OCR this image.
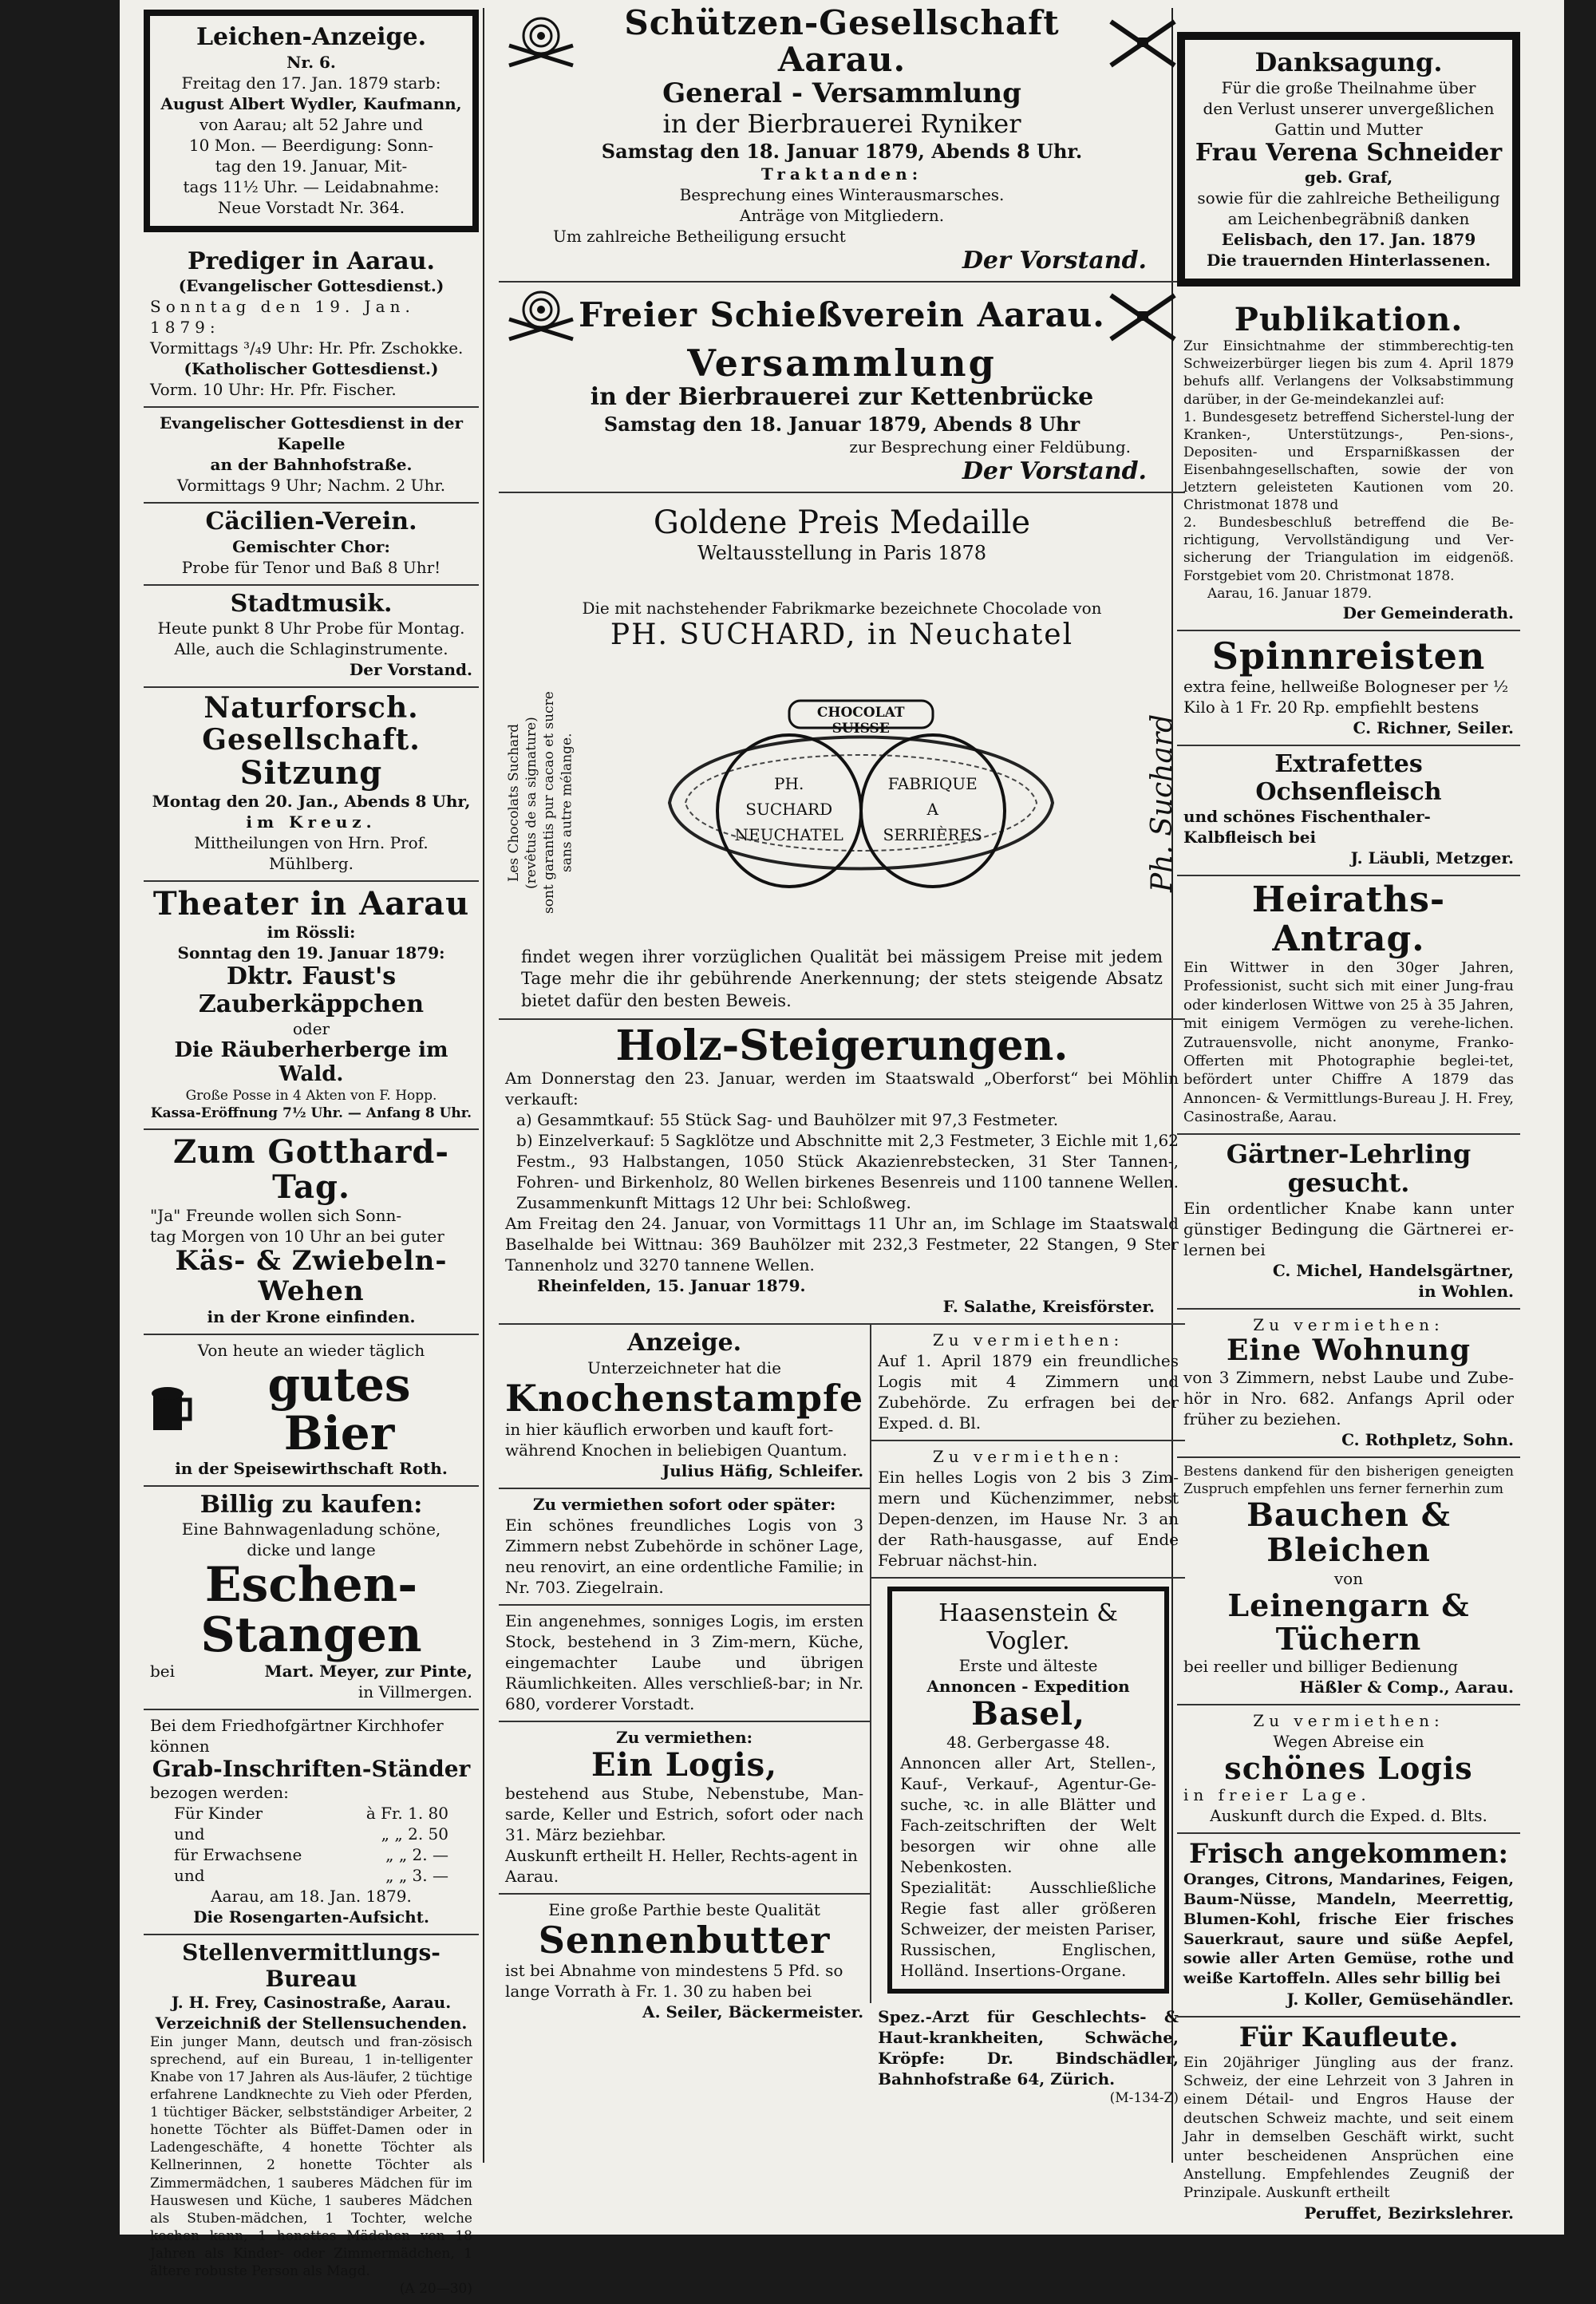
Leichen-Anzeige.
Nr. 6.
Freitag den 17. Jan. 1879 starb:
August Albert Wydler, Kaufmann,
von Aarau; alt 52 Jahre und
10 Mon. — Beerdigung: Sonn-
tag den 19. Januar, Mit-
tags 11½ Uhr. — Leidabnahme:
Neue Vorstadt Nr. 364.
Prediger in Aarau.
(Evangelischer Gottesdienst.)
Sonntag den 19. Jan. 1879:
Vormittags ³/₄9 Uhr: Hr. Pfr. Zschokke.
(Katholischer Gottesdienst.)
Vorm. 10 Uhr: Hr. Pfr. Fischer.
Evangelischer Gottesdienst in der Kapelle
an der Bahnhofstraße.
Vormittags 9 Uhr; Nachm. 2 Uhr.
Cäcilien-Verein.
Gemischter Chor:
Probe für Tenor und Baß 8 Uhr!
Stadtmusik.
Heute punkt 8 Uhr Probe für Montag.
Alle, auch die Schlaginstrumente.
Der Vorstand.
Naturforsch. Gesellschaft.
Sitzung
Montag den 20. Jan., Abends 8 Uhr,
im Kreuz.
Mittheilungen von Hrn. Prof. Mühlberg.
Theater in Aarau
im Rössli:
Sonntag den 19. Januar 1879:
Dktr. Faust's Zauberkäppchen
oder
Die Räuberherberge im Wald.
Große Posse in 4 Akten von F. Hopp.
Kassa-Eröffnung 7½ Uhr. — Anfang 8 Uhr.
Zum Gotthard-Tag.
"Ja" Freunde wollen sich Sonn-
tag Morgen von 10 Uhr an bei guter
Käs- & Zwiebeln-Wehen
in der Krone einfinden.
Von heute an wieder täglich
gutes Bier
in der Speisewirthschaft Roth.
Billig zu kaufen:
Eine Bahnwagenladung schöne,
dicke und lange
Eschen-Stangen
bei	Mart. Meyer, zur Pinte,
in Villmergen.
Bei dem Friedhofgärtner Kirchhofer
können
Grab-Inschriften-Ständer
bezogen werden:
Für Kinder	à Fr. 1. 80
und	„ „ 2. 50
für Erwachsene	„ „ 2. —
und	„ „ 3. —
Aarau, am 18. Jan. 1879.
Die Rosengarten-Aufsicht.
Stellenvermittlungs-Bureau
J. H. Frey, Casinostraße, Aarau.
Verzeichniß der Stellensuchenden.
Ein junger Mann, deutsch und fran-zösisch sprechend, auf ein Bureau, 1 in-telligenter Knabe von 17 Jahren als Aus-läufer, 2 tüchtige erfahrene Landknechte zu Vieh oder Pferden, 1 tüchtiger Bäcker, selbstständiger Arbeiter, 2 honette Töchter als Büffet-Damen oder in Ladengeschäfte, 4 honette Töchter als Kellnerinnen, 2 honette Töchter als Zimmermädchen, 1 sauberes Mädchen für im Hauswesen und Küche, 1 sauberes Mädchen als Stuben-mädchen, 1 Tochter, welche kochen kann, 1 honettes Mädchen von 18 Jahren als Kinder- oder Zimmermädchen, 1 ältere robuste Person als Magd.
(A 20—30)
Schützen-Gesellschaft Aarau.
General - Versammlung
in der Bierbrauerei Ryniker
Samstag den 18. Januar 1879, Abends 8 Uhr.
Traktanden:
Besprechung eines Winterausmarsches.
Anträge von Mitgliedern.
Um zahlreiche Betheiligung ersucht
Der Vorstand.
Freier Schießverein Aarau.
Versammlung
in der Bierbrauerei zur Kettenbrücke
Samstag den 18. Januar 1879, Abends 8 Uhr
zur Besprechung einer Feldübung.
Der Vorstand.
Goldene Preis Medaille
Weltausstellung in Paris 1878
Die mit nachstehender Fabrikmarke bezeichnete Chocolade von
PH. SUCHARD, in Neuchatel
Les Chocolats Suchard (revêtus de sa signature) sont garantis pur cacao et sucre sans autre mélange.
CHOCOLAT SUISSE
PH.
SUCHARD
NEUCHATEL
FABRIQUE
A
SERRIÈRES	Ph. Suchard
findet wegen ihrer vorzüglichen Qualität bei mässigem Preise mit jedem Tage mehr die ihr gebührende Anerkennung; der stets steigende Absatz bietet dafür den besten Beweis.
Holz-Steigerungen.
Am Donnerstag den 23. Januar, werden im Staatswald „Oberforst“ bei Möhlin verkauft:
a) Gesammtkauf: 55 Stück Sag- und Bauhölzer mit 97,3 Festmeter.
b) Einzelverkauf: 5 Sagklötze und Abschnitte mit 2,3 Festmeter, 3 Eichle mit 1,62 Festm., 93 Halbstangen, 1050 Stück Akazienrebstecken, 31 Ster Tannen-, Fohren- und Birkenholz, 80 Wellen birkenes Besenreis und 1100 tannene Wellen. Zusammenkunft Mittags 12 Uhr bei: Schloßweg.
Am Freitag den 24. Januar, von Vormittags 11 Uhr an, im Schlage im Staatswald Baselhalde bei Wittnau: 369 Bauhölzer mit 232,3 Festmeter, 22 Stangen, 9 Ster Tannenholz und 3270 tannene Wellen.
Rheinfelden, 15. Januar 1879.
F. Salathe, Kreisförster.
Anzeige.
Unterzeichneter hat die
Knochenstampfe
in hier käuflich erworben und kauft fort-während Knochen in beliebigen Quantum.
Julius Häfig, Schleifer.
Zu vermiethen sofort oder später:
Ein schönes freundliches Logis von 3 Zimmern nebst Zubehörde in schöner Lage, neu renovirt, an eine ordentliche Familie; in Nr. 703. Ziegelrain.
Ein angenehmes, sonniges Logis, im ersten Stock, bestehend in 3 Zim-mern, Küche, eingemachter Laube und übrigen Räumlichkeiten. Alles verschließ-bar; in Nr. 680, vorderer Vorstadt.
Zu vermiethen:
Ein Logis,
bestehend aus Stube, Nebenstube, Man-sarde, Keller und Estrich, sofort oder nach 31. März beziehbar.
Auskunft ertheilt H. Heller, Rechts-agent in Aarau.
Eine große Parthie beste Qualität
Sennenbutter
ist bei Abnahme von mindestens 5 Pfd. so lange Vorrath à Fr. 1. 30 zu haben bei
A. Seiler, Bäckermeister.
Zu vermiethen:
Auf 1. April 1879 ein freundliches Logis mit 4 Zimmern und Zubehörde. Zu erfragen bei der Exped. d. Bl.
Zu vermiethen:
Ein helles Logis von 2 bis 3 Zim-mern und Küchenzimmer, nebst Depen-denzen, im Hause Nr. 3 an der Rath-hausgasse, auf Ende Februar nächst-hin.
Haasenstein & Vogler.
Erste und älteste
Annoncen - Expedition
Basel,
48. Gerbergasse 48.
Annoncen aller Art, Stellen-, Kauf-, Verkauf-, Agentur-Ge-suche, ꝛc. in alle Blätter und Fach-zeitschriften der Welt besorgen wir ohne alle Nebenkosten.
Spezialität: Ausschließliche Regie fast aller größeren Schweizer, der meisten Pariser, Russischen, Englischen, Holländ. Insertions-Organe.
Spez.-Arzt für Geschlechts- & Haut-krankheiten, Schwäche, Kröpfe: Dr. Bindschädler, Bahnhofstraße 64, Zürich.
(M-134-Z)
Danksagung.
Für die große Theilnahme über
den Verlust unserer unvergeßlichen
Gattin und Mutter
Frau Verena Schneider
geb. Graf,
sowie für die zahlreiche Betheiligung
am Leichenbegräbniß danken
Eelisbach, den 17. Jan. 1879
Die trauernden Hinterlassenen.
Publikation.
Zur Einsichtnahme der stimmberechtig-ten Schweizerbürger liegen bis zum 4. April 1879 behufs allf. Verlangens der Volksabstimmung darüber, in der Ge-meindekanzlei auf:
1. Bundesgesetz betreffend Sicherstel-lung der Kranken-, Unterstützungs-, Pen-sions-, Depositen- und Ersparnißkassen der Eisenbahngesellschaften, sowie der von letztern geleisteten Kautionen vom 20. Christmonat 1878 und
2. Bundesbeschluß betreffend die Be-richtigung, Vervollständigung und Ver-sicherung der Triangulation im eidgenöß. Forstgebiet vom 20. Christmonat 1878.
Aarau, 16. Januar 1879.
Der Gemeinderath.
Spinnreisten
extra feine, hellweiße Bologneser per ½ Kilo à 1 Fr. 20 Rp. empfiehlt bestens
C. Richner, Seiler.
Extrafettes Ochsenfleisch
und schönes Fischenthaler-Kalbfleisch bei
J. Läubli, Metzger.
Heiraths-Antrag.
Ein Wittwer in den 30ger Jahren, Professionist, sucht sich mit einer Jung-frau oder kinderlosen Wittwe von 25 à 35 Jahren, mit einigem Vermögen zu verehe-lichen. Zutrauensvolle, nicht anonyme, Franko-Offerten mit Photographie beglei-tet, befördert unter Chiffre A 1879 das Annoncen- & Vermittlungs-Bureau J. H. Frey, Casinostraße, Aarau.
Gärtner-Lehrling gesucht.
Ein ordentlicher Knabe kann unter günstiger Bedingung die Gärtnerei er-lernen bei
C. Michel, Handelsgärtner,
in Wohlen.
Zu vermiethen:
Eine Wohnung
von 3 Zimmern, nebst Laube und Zube-hör in Nro. 682. Anfangs April oder früher zu beziehen.
C. Rothpletz, Sohn.
Bestens dankend für den bisherigen geneigten Zuspruch empfehlen uns ferner fernerhin zum
Bauchen & Bleichen
von
Leinengarn & Tüchern
bei reeller und billiger Bedienung
Häßler & Comp., Aarau.
Zu vermiethen:
Wegen Abreise ein
schönes Logis
in freier Lage.
Auskunft durch die Exped. d. Blts.
Frisch angekommen:
Oranges, Citrons, Mandarines, Feigen, Baum-Nüsse, Mandeln, Meerrettig, Blumen-Kohl, frische Eier frisches Sauerkraut, saure und süße Aepfel, sowie aller Arten Gemüse, rothe und weiße Kartoffeln. Alles sehr billig bei
J. Koller, Gemüsehändler.
Für Kaufleute.
Ein 20jähriger Jüngling aus der franz. Schweiz, der eine Lehrzeit von 3 Jahren in einem Détail- und Engros Hause der deutschen Schweiz machte, und seit einem Jahr in demselben Geschäft wirkt, sucht unter bescheidenen Ansprüchen eine Anstellung. Empfehlendes Zeugniß der Prinzipale. Auskunft ertheilt
Peruffet, Bezirkslehrer.
